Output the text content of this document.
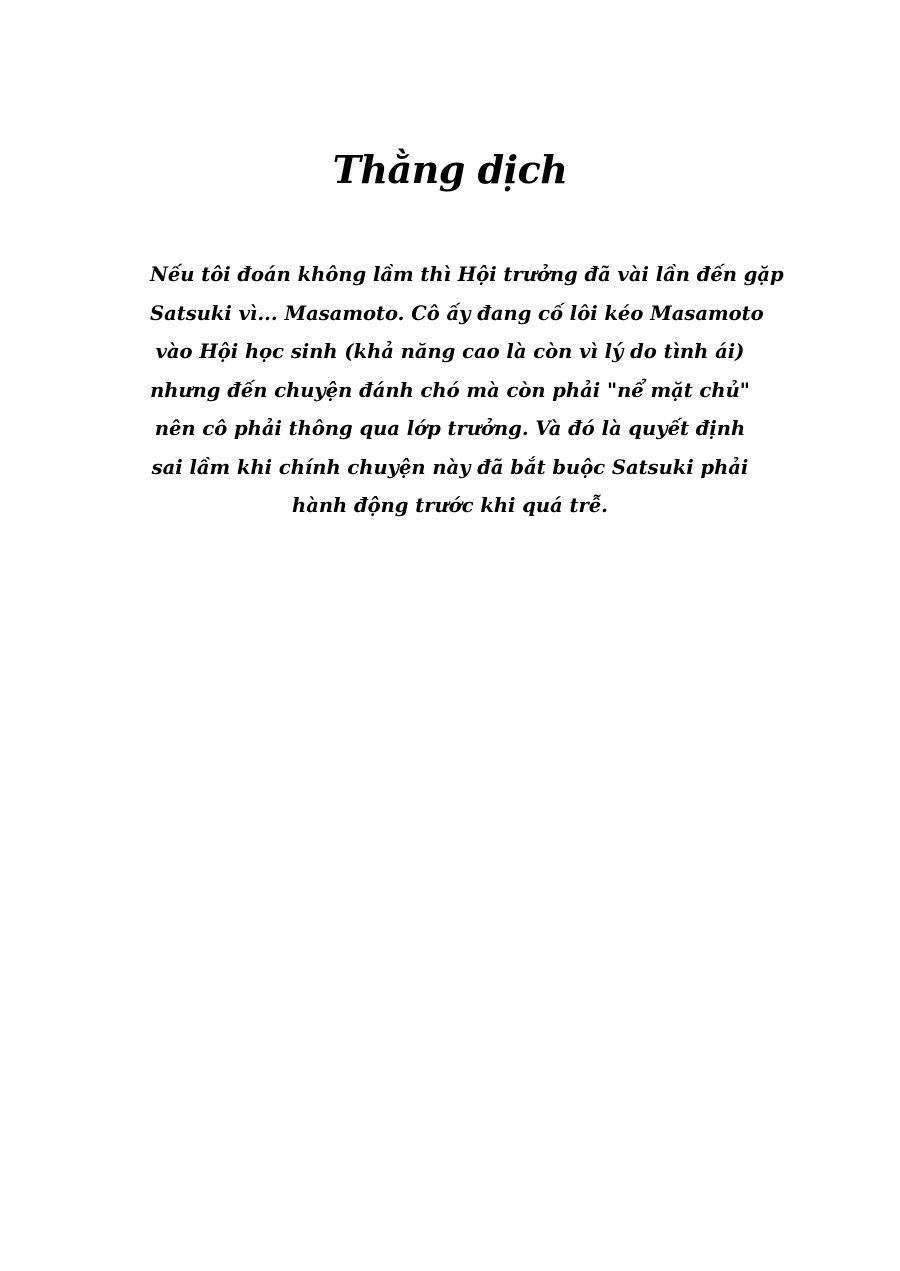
Thằng dịch

Nếu tôi đoán không lầm thì Hội trưởng đã vài lần đến gặp
Satsuki vì... Masamoto. Cô ấy đang cố lôi kéo Masamoto
vào Hội học sinh (khả năng cao là còn vì lý do tình ái)
nhưng đến chuyện đánh chó mà còn phải "nể mặt chủ"
nên cô phải thông qua lớp trưởng. Và đó là quyết định
sai lầm khi chính chuyện này đã bắt buộc Satsuki phải
hành động trước khi quá trễ.
